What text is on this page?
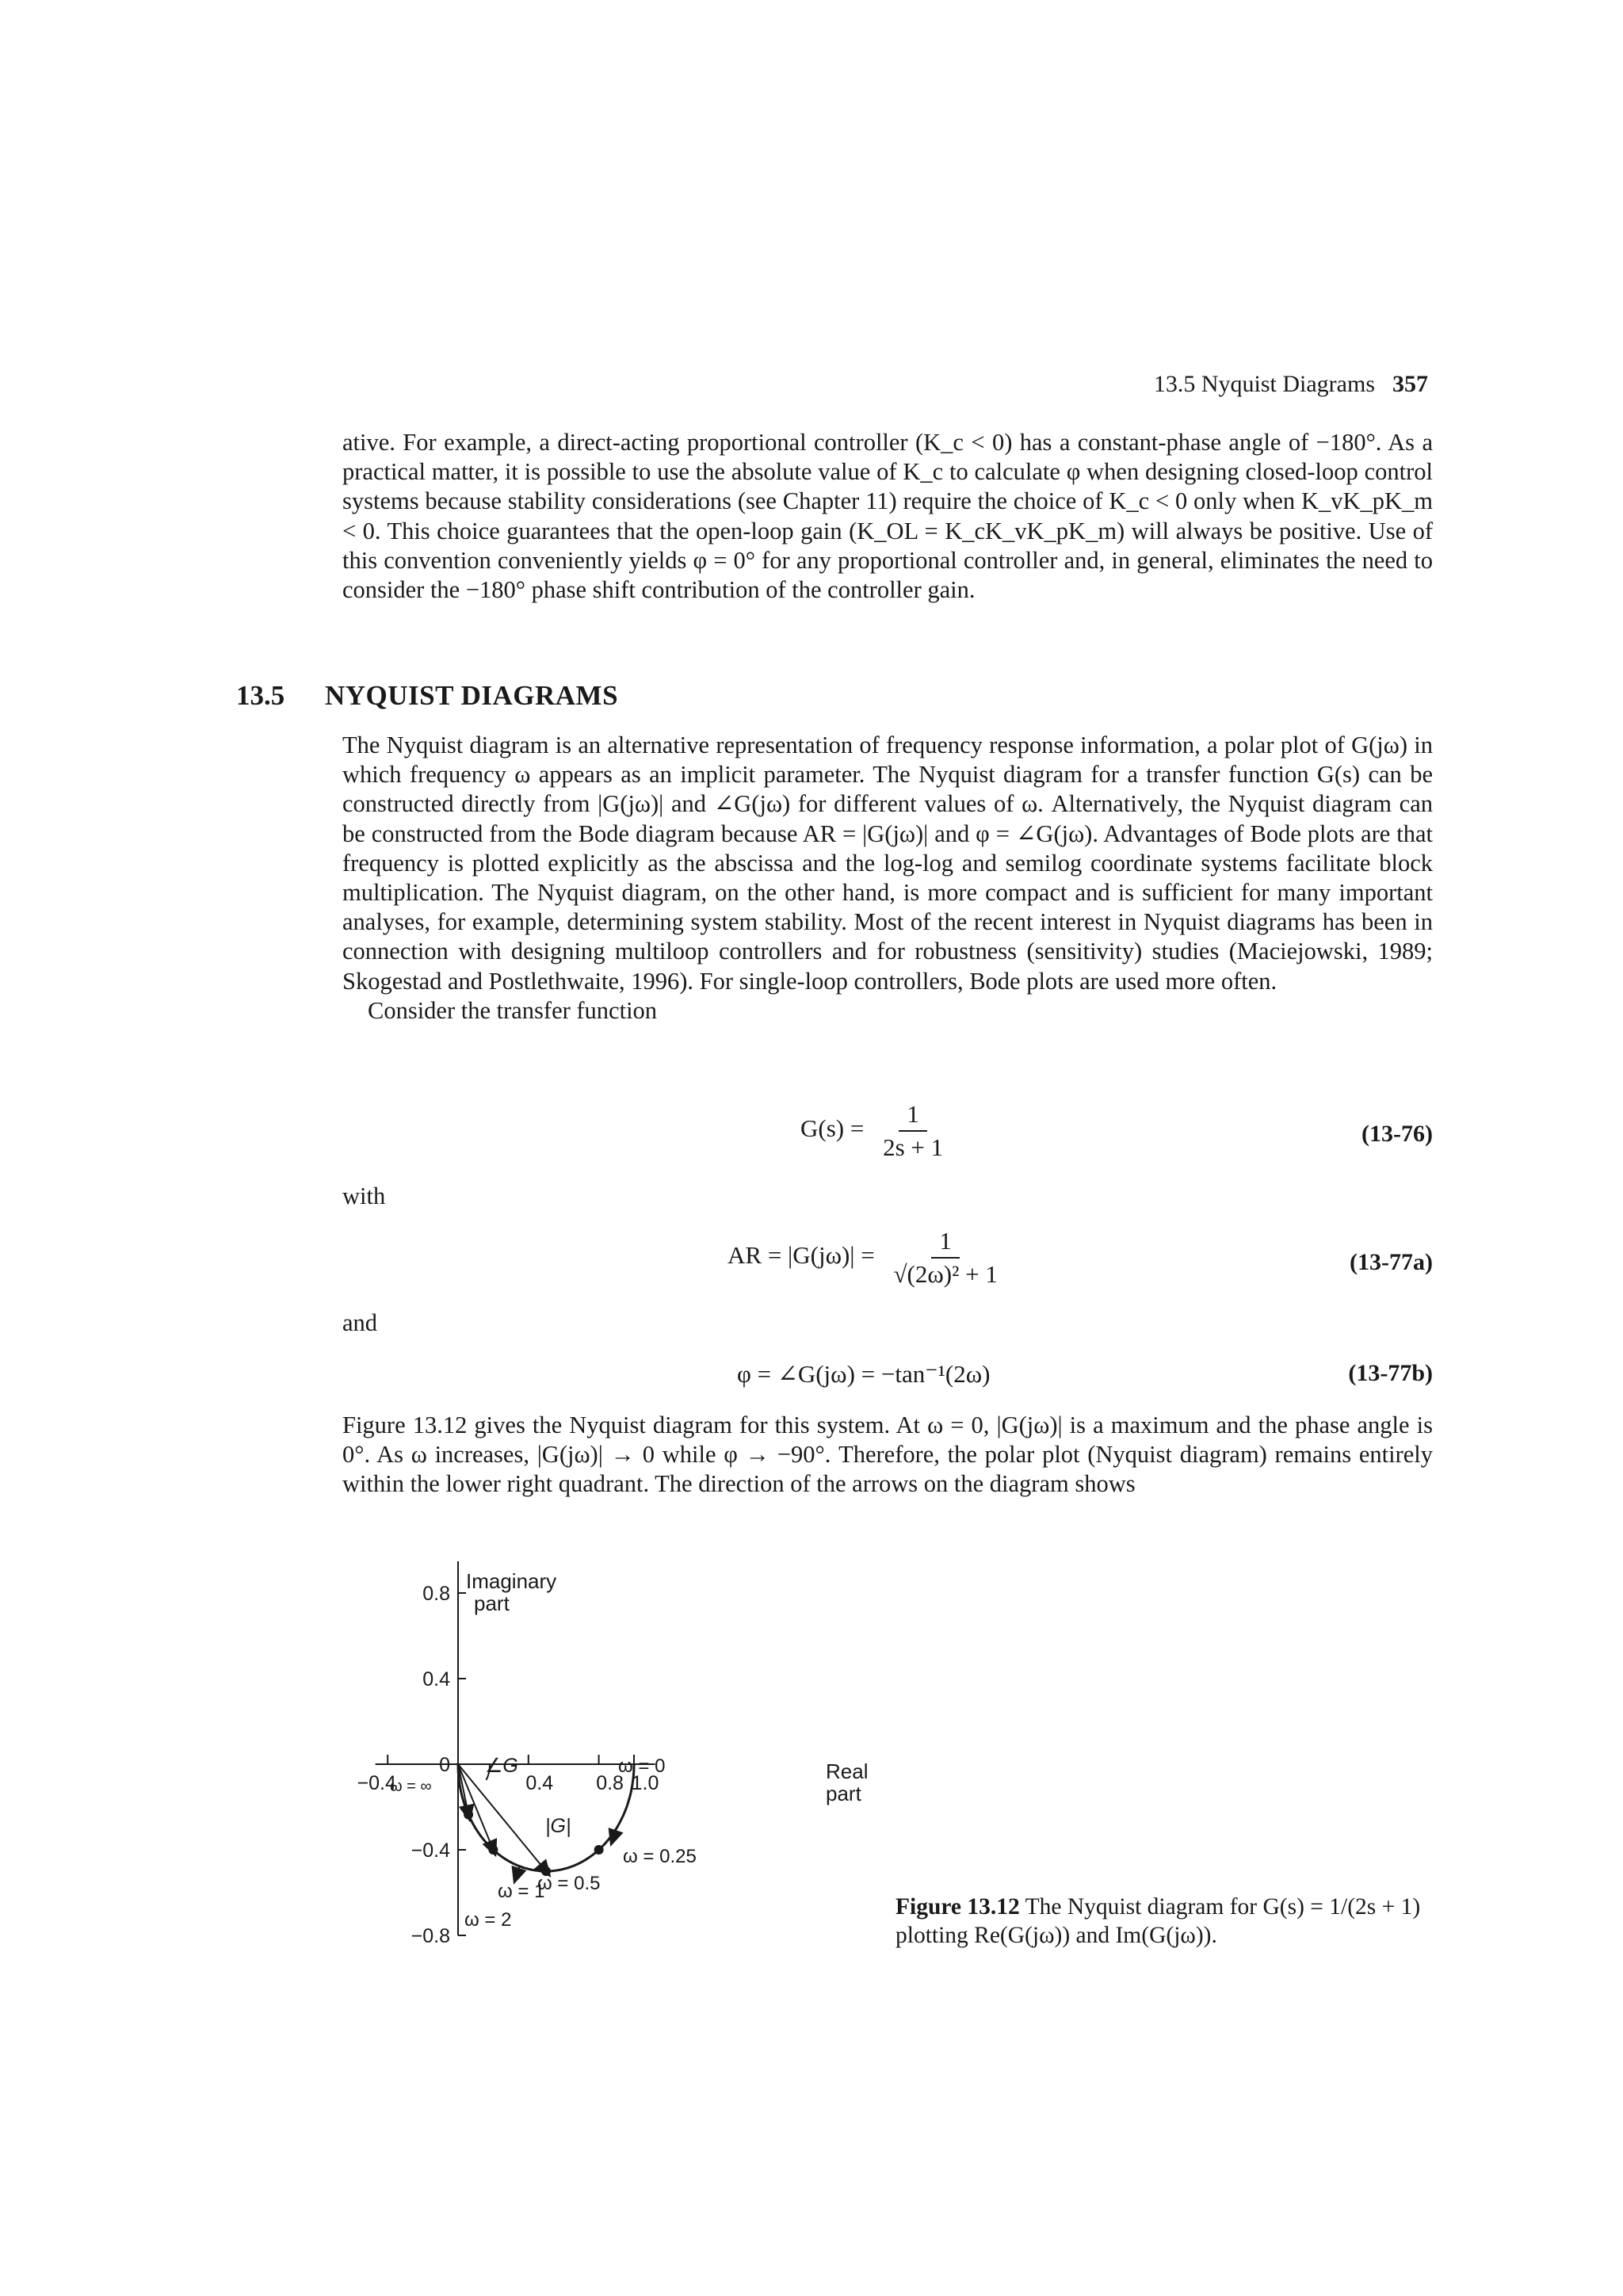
13.5 Nyquist Diagrams 357

ative. For example, a direct-acting proportional controller (K_c < 0) has a constant-phase angle of −180°. As a practical matter, it is possible to use the absolute value of K_c to calculate φ when designing closed-loop control systems because stability considerations (see Chapter 11) require the choice of K_c < 0 only when K_vK_pK_m < 0. This choice guarantees that the open-loop gain (K_OL = K_cK_vK_pK_m) will always be positive. Use of this convention conveniently yields φ = 0° for any proportional controller and, in general, eliminates the need to consider the −180° phase shift contribution of the controller gain.

13.5 NYQUIST DIAGRAMS

The Nyquist diagram is an alternative representation of frequency response information, a polar plot of G(jω) in which frequency ω appears as an implicit parameter. The Nyquist diagram for a transfer function G(s) can be constructed directly from |G(jω)| and ∠G(jω) for different values of ω. Alternatively, the Nyquist diagram can be constructed from the Bode diagram because AR = |G(jω)| and φ = ∠G(jω). Advantages of Bode plots are that frequency is plotted explicitly as the abscissa and the log-log and semilog coordinate systems facilitate block multiplication. The Nyquist diagram, on the other hand, is more compact and is sufficient for many important analyses, for example, determining system stability. Most of the recent interest in Nyquist diagrams has been in connection with designing multiloop controllers and for robustness (sensitivity) studies (Maciejowski, 1989; Skogestad and Postlethwaite, 1996). For single-loop controllers, Bode plots are used more often.

Consider the transfer function

$G(s) = \frac{1}{2s + 1}$	(13-76)
with
AR = $|G(j\omega)| = \frac{1}{\text{√(2ω)² + 1}}$	(13-77a)
and
φ = ∠G(jω) = −tan⁻¹(2ω)	(13-77b)

Figure 13.12 gives the Nyquist diagram for this system. At ω = 0, |G(jω)| is a maximum and the phase angle is 0°. As ω increases, |G(jω)| → 0 while φ → −90°. Therefore, the polar plot (Nyquist diagram) remains entirely within the lower right quadrant. The direction of the arrows on the diagram shows

0.8
0.4
0
−0.4
−0.8
−0.4	0.4 0.8 1.0
Imaginary
part
Real
part
∠G
|G|
ω = ∞
ω = 0
ω = 0.25
ω = 0.5
ω = 1
ω = 2
Figure 13.12 The Nyquist diagram for G(s) = 1/(2s + 1) plotting Re(G(jω)) and Im(G(jω)).
